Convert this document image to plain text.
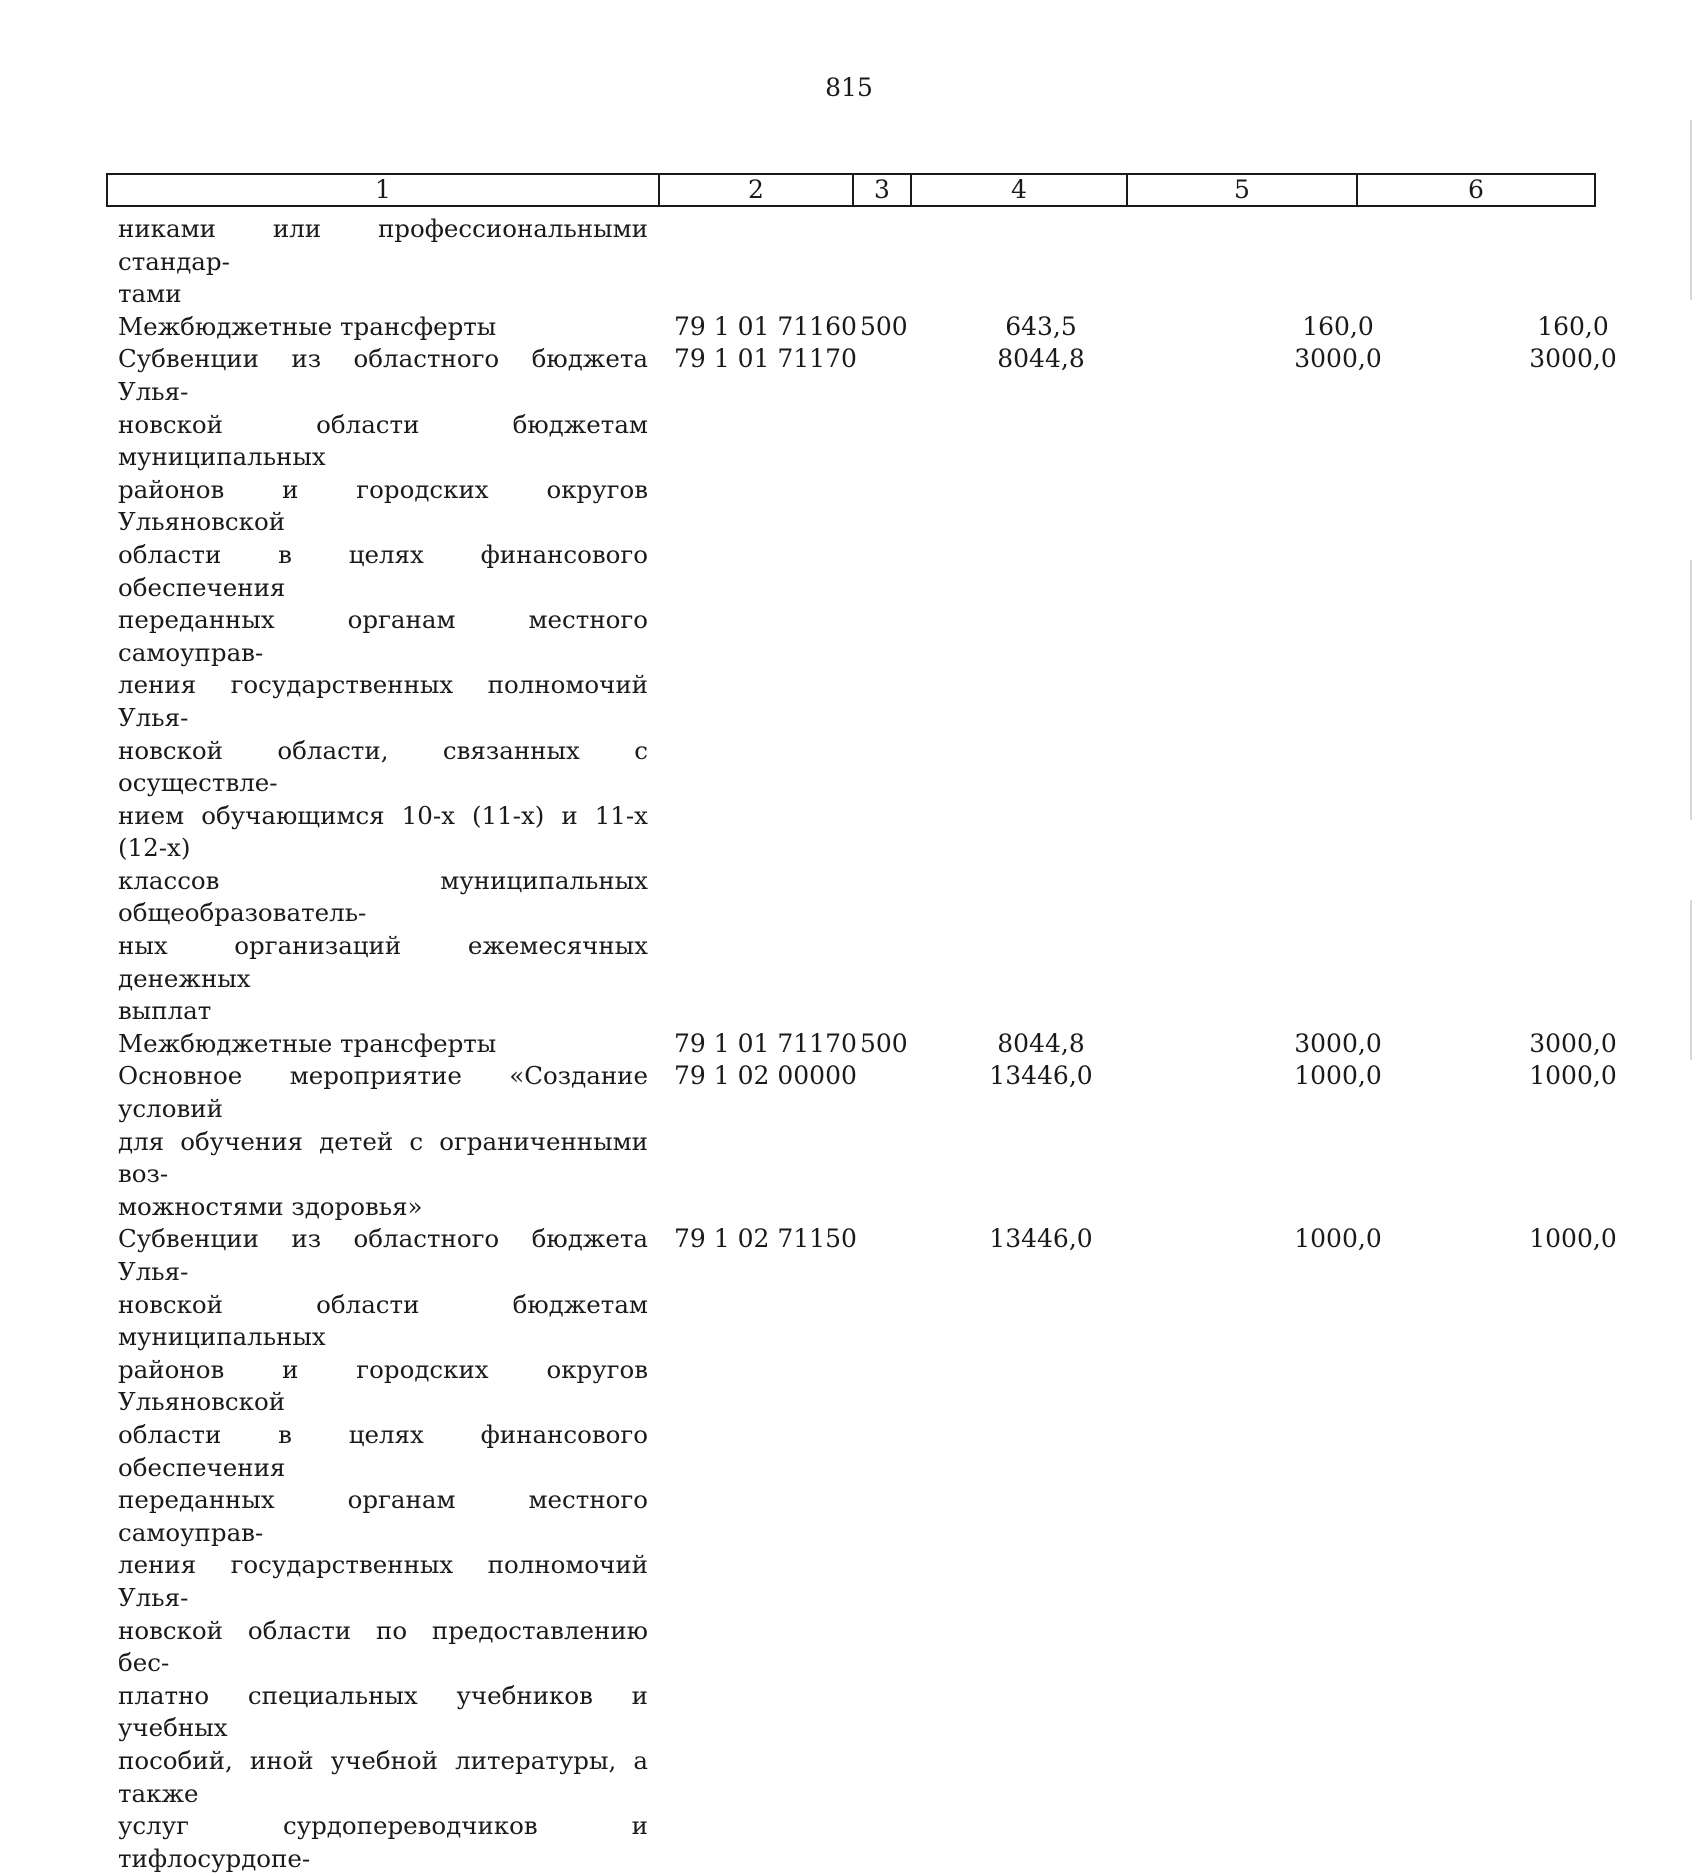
815
1	2	3	4	5	6
никами или профессиональными стандар-
тами
Межбюджетные трансферты	79 1 01 71160 500	643,5	160,0	160,0
Субвенции из областного бюджета Улья-
новской области бюджетам муниципальных
районов и городских округов Ульяновской
области в целях финансового обеспечения
переданных органам местного самоуправ-
ления государственных полномочий Улья-
новской области, связанных с осуществле-
нием обучающимся 10-х (11-х) и 11-х (12-х)
классов муниципальных общеобразователь-
ных организаций ежемесячных денежных
выплат
79 1 01 71170	8044,8	3000,0	3000,0
Межбюджетные трансферты	79 1 01 71170 500	8044,8	3000,0	3000,0
Основное мероприятие «Создание условий
для обучения детей с ограниченными воз-
можностями здоровья»
79 1 02 00000	13446,0	1000,0	1000,0
Субвенции из областного бюджета Улья-
новской области бюджетам муниципальных
районов и городских округов Ульяновской
области в целях финансового обеспечения
переданных органам местного самоуправ-
ления государственных полномочий Улья-
новской области по предоставлению бес-
платно специальных учебников и учебных
пособий, иной учебной литературы, а также
услуг сурдопереводчиков и тифлосурдопе-
79 1 02 71150	13446,0	1000,0	1000,0
